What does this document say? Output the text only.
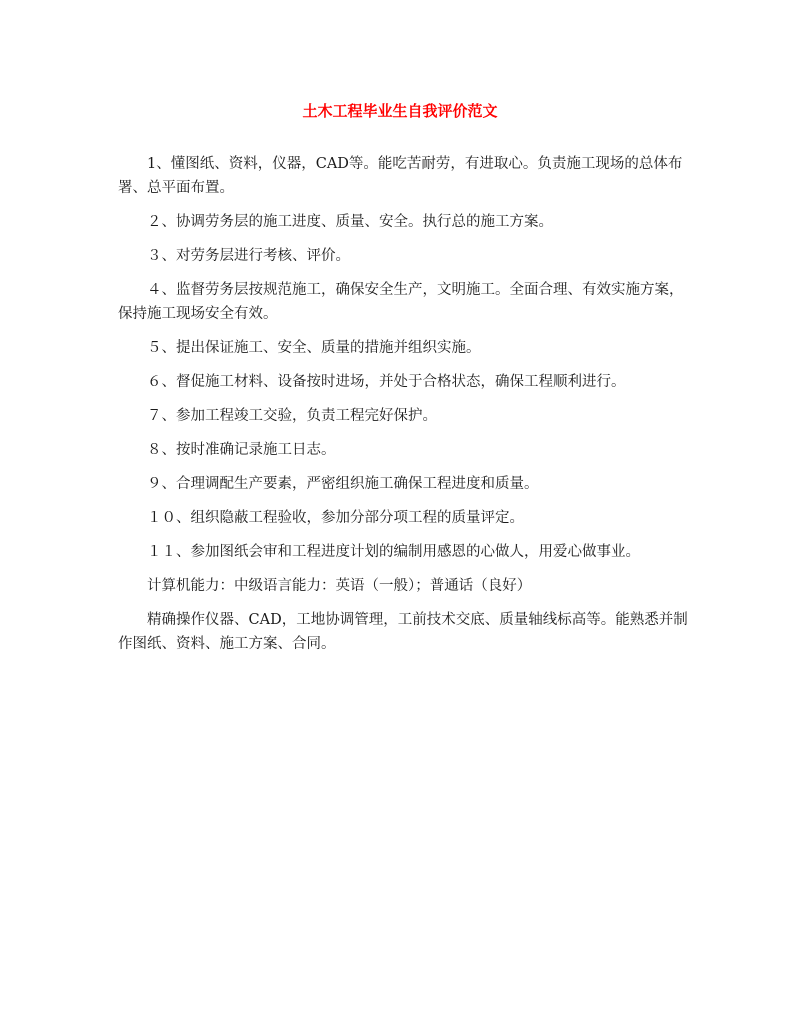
土木工程毕业生自我评价范文

1、懂图纸、资料，仪器，CAD等。能吃苦耐劳，有进取心。负责施工现场的总体布署、总平面布置。

２、协调劳务层的施工进度、质量、安全。执行总的施工方案。

３、对劳务层进行考核、评价。

４、监督劳务层按规范施工，确保安全生产，文明施工。全面合理、有效实施方案，保持施工现场安全有效。

５、提出保证施工、安全、质量的措施并组织实施。

６、督促施工材料、设备按时进场，并处于合格状态，确保工程顺利进行。

７、参加工程竣工交验，负责工程完好保护。

８、按时准确记录施工日志。

９、合理调配生产要素，严密组织施工确保工程进度和质量。

１０、组织隐蔽工程验收，参加分部分项工程的质量评定。

１１、参加图纸会审和工程进度计划的编制用感恩的心做人，用爱心做事业。

计算机能力：中级语言能力：英语（一般）；普通话（良好）

精确操作仪器、CAD，工地协调管理，工前技术交底、质量轴线标高等。能熟悉并制作图纸、资料、施工方案、合同。
